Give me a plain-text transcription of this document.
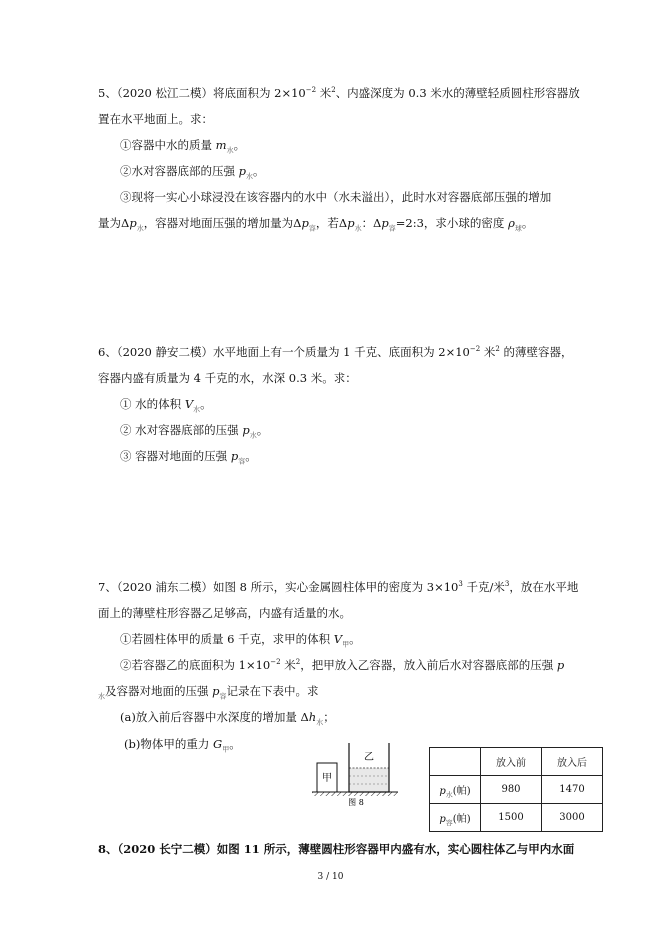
5、（2020 松江二模）将底面积为 $2\times 10^{-2}$ 米$^2$、内盛深度为 0.3 米水的薄壁轻质圆柱形容器放
置在水平地面上。求：
①容器中水的质量 $m_水$。
②水对容器底部的压强 $p_水$。
③现将一实心小球浸没在该容器内的水中（水未溢出），此时水对容器底部压强的增加
量为$\Delta p_水$，容器对地面压强的增加量为$\Delta p_容$，若$\Delta p_水$：$\Delta p_容=2:3$，求小球的密度 $\rho_球$。
6、（2020 静安二模）水平地面上有一个质量为 1 千克、底面积为 $2\times 10^{-2}$ 米$^2$ 的薄壁容器，
容器内盛有质量为 4 千克的水，水深 0.3 米。求：
① 水的体积 $V_水$。
② 水对容器底部的压强 $p_水$。
③ 容器对地面的压强 $p_容$。
7、（2020 浦东二模）如图 8 所示，实心金属圆柱体甲的密度为 $3\times 10^3$ 千克/米$^3$，放在水平地
面上的薄壁柱形容器乙足够高，内盛有适量的水。
①若圆柱体甲的质量 6 千克，求甲的体积 $V_甲$。
②若容器乙的底面积为 $1\times 10^{-2}$ 米$^2$，把甲放入乙容器，放入前后水对容器底部的压强 p
$_水$及容器对地面的压强 $p_容$记录在下表中。求
(a)放入前后容器中水深度的增加量 $\Delta h_水$；
(b)物体甲的重力 $G_甲$。
甲
乙
图 8
	放入前	放入后
$p_水$(帕)	980	1470
$p_容$(帕)	1500	3000
8、（2020 长宁二模）如图 11 所示，薄壁圆柱形容器甲内盛有水，实心圆柱体乙与甲内水面
3 / 10
